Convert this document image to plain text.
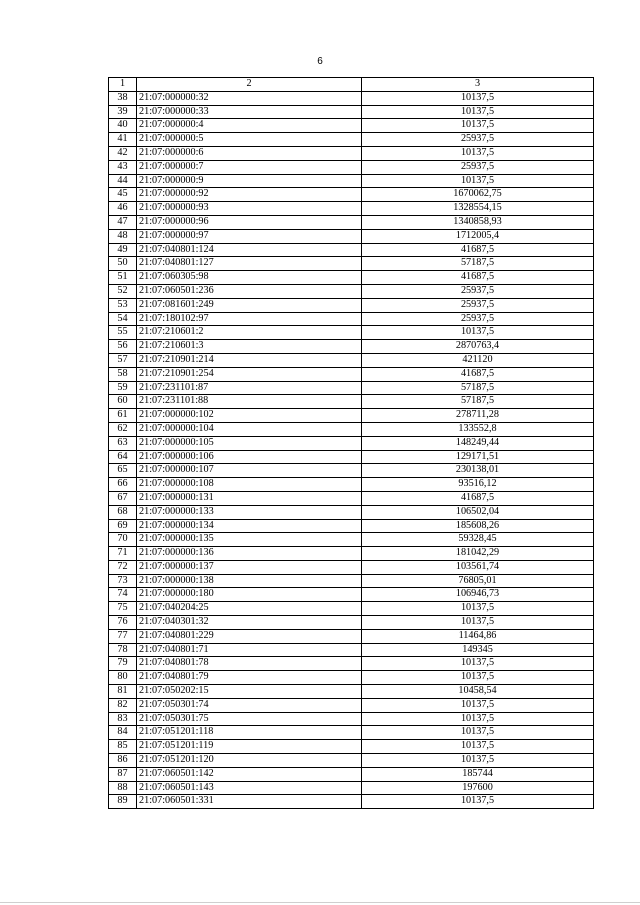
6
1	2	3
38	21:07:000000:32	10137,5
39	21:07:000000:33	10137,5
40	21:07:000000:4	10137,5
41	21:07:000000:5	25937,5
42	21:07:000000:6	10137,5
43	21:07:000000:7	25937,5
44	21:07:000000:9	10137,5
45	21:07:000000:92	1670062,75
46	21:07:000000:93	1328554,15
47	21:07:000000:96	1340858,93
48	21:07:000000:97	1712005,4
49	21:07:040801:124	41687,5
50	21:07:040801:127	57187,5
51	21:07:060305:98	41687,5
52	21:07:060501:236	25937,5
53	21:07:081601:249	25937,5
54	21:07:180102:97	25937,5
55	21:07:210601:2	10137,5
56	21:07:210601:3	2870763,4
57	21:07:210901:214	421120
58	21:07:210901:254	41687,5
59	21:07:231101:87	57187,5
60	21:07:231101:88	57187,5
61	21:07:000000:102	278711,28
62	21:07:000000:104	133552,8
63	21:07:000000:105	148249,44
64	21:07:000000:106	129171,51
65	21:07:000000:107	230138,01
66	21:07:000000:108	93516,12
67	21:07:000000:131	41687,5
68	21:07:000000:133	106502,04
69	21:07:000000:134	185608,26
70	21:07:000000:135	59328,45
71	21:07:000000:136	181042,29
72	21:07:000000:137	103561,74
73	21:07:000000:138	76805,01
74	21:07:000000:180	106946,73
75	21:07:040204:25	10137,5
76	21:07:040301:32	10137,5
77	21:07:040801:229	11464,86
78	21:07:040801:71	149345
79	21:07:040801:78	10137,5
80	21:07:040801:79	10137,5
81	21:07:050202:15	10458,54
82	21:07:050301:74	10137,5
83	21:07:050301:75	10137,5
84	21:07:051201:118	10137,5
85	21:07:051201:119	10137,5
86	21:07:051201:120	10137,5
87	21:07:060501:142	185744
88	21:07:060501:143	197600
89	21:07:060501:331	10137,5
